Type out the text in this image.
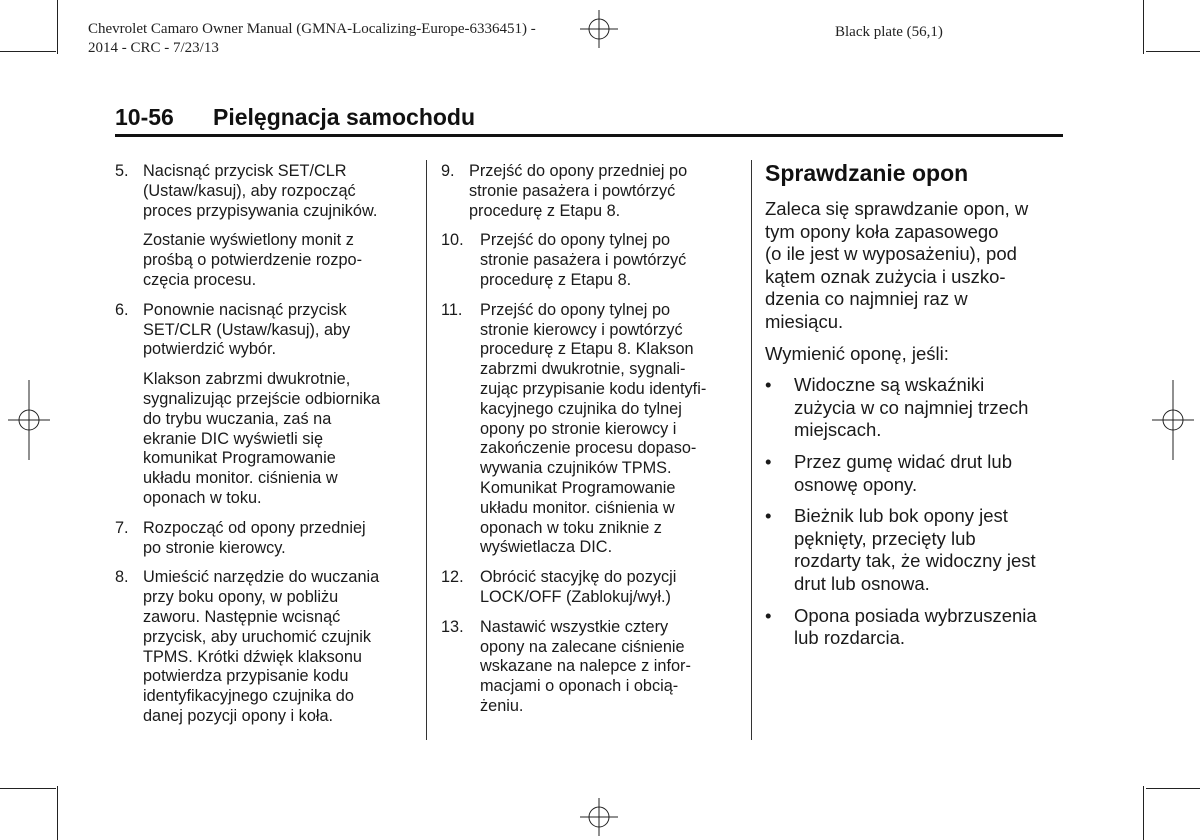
Chevrolet Camaro Owner Manual (GMNA-Localizing-Europe-6336451) -
2014 - CRC - 7/23/13
Black plate (56,1)
10-56 Pielęgnacja samochodu
5. Nacisnąć przycisk SET/CLR
(Ustaw/kasuj), aby rozpocząć
proces przypisywania czujników.

Zostanie wyświetlony monit z
prośbą o potwierdzenie rozpo-
częcia procesu.

6. Ponownie nacisnąć przycisk
SET/CLR (Ustaw/kasuj), aby
potwierdzić wybór.

Klakson zabrzmi dwukrotnie,
sygnalizując przejście odbiornika
do trybu wuczania, zaś na
ekranie DIC wyświetli się
komunikat Programowanie
układu monitor. ciśnienia w
oponach w toku.

7. Rozpocząć od opony przedniej
po stronie kierowcy.

8. Umieścić narzędzie do wuczania
przy boku opony, w pobliżu
zaworu. Następnie wcisnąć
przycisk, aby uruchomić czujnik
TPMS. Krótki dźwięk klaksonu
potwierdza przypisanie kodu
identyfikacyjnego czujnika do
danej pozycji opony i koła.

9. Przejść do opony przedniej po
stronie pasażera i powtórzyć
procedurę z Etapu 8.

10. Przejść do opony tylnej po
stronie pasażera i powtórzyć
procedurę z Etapu 8.

11. Przejść do opony tylnej po
stronie kierowcy i powtórzyć
procedurę z Etapu 8. Klakson
zabrzmi dwukrotnie, sygnali-
zując przypisanie kodu identyfi-
kacyjnego czujnika do tylnej
opony po stronie kierowcy i
zakończenie procesu dopaso-
wywania czujników TPMS.
Komunikat Programowanie
układu monitor. ciśnienia w
oponach w toku zniknie z
wyświetlacza DIC.

12. Obrócić stacyjkę do pozycji
LOCK/OFF (Zablokuj/wył.)

13. Nastawić wszystkie cztery
opony na zalecane ciśnienie
wskazane na nalepce z infor-
macjami o oponach i obcią-
żeniu.

Sprawdzanie opon

Zaleca się sprawdzanie opon, w
tym opony koła zapasowego
(o ile jest w wyposażeniu), pod
kątem oznak zużycia i uszko-
dzenia co najmniej raz w
miesiącu.

Wymienić oponę, jeśli:

• Widoczne są wskaźniki
zużycia w co najmniej trzech
miejscach.
• Przez gumę widać drut lub
osnowę opony.
• Bieżnik lub bok opony jest
pęknięty, przecięty lub
rozdarty tak, że widoczny jest
drut lub osnowa.
• Opona posiada wybrzuszenia
lub rozdarcia.
